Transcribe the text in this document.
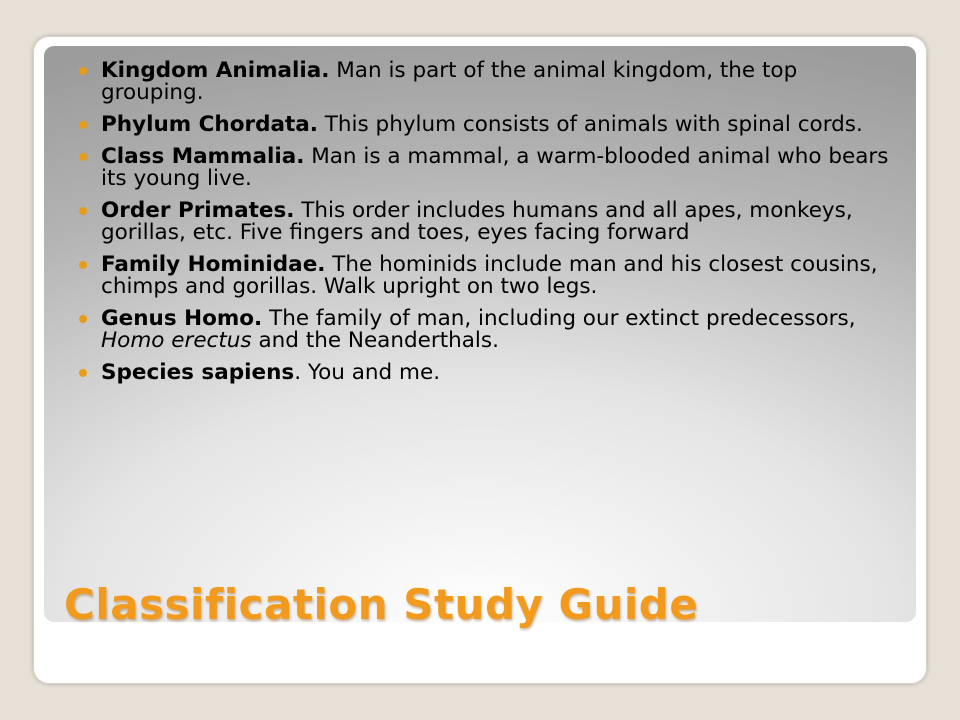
Kingdom Animalia. Man is part of the animal kingdom, the top grouping.
Phylum Chordata. This phylum consists of animals with spinal cords.
Class Mammalia. Man is a mammal, a warm-blooded animal who bears its young live.
Order Primates. This order includes humans and all apes, monkeys, gorillas, etc. Five fingers and toes, eyes facing forward
Family Hominidae. The hominids include man and his closest cousins, chimps and gorillas. Walk upright on two legs.
Genus Homo. The family of man, including our extinct predecessors, Homo erectus and the Neanderthals.
Species sapiens. You and me.
Classification Study Guide
